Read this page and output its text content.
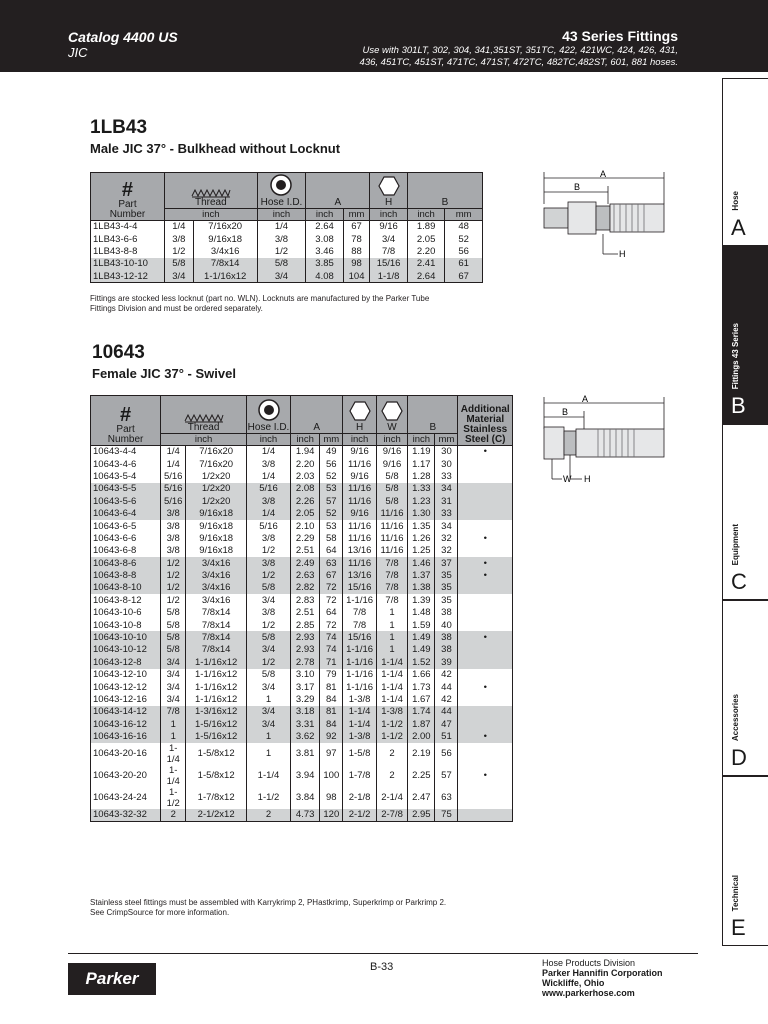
Catalog 4400 US
JIC
43 Series Fittings
Use with 301LT, 302, 304, 341,351ST, 351TC, 422, 421WC, 424, 426, 431,
436, 451TC, 451ST, 471TC, 471ST, 472TC, 482TC,482ST, 601, 881 hoses.
Hose
A
Fittings 43 Series
B
Equipment
C
Accessories
D
Technical
E
1LB43
Male JIC 37° - Bulkhead without Locknut
#
Part
Number	Thread		Hose I.D.	A		H	B	

	inch		inch	inch	mm	inch	inch	mm

1LB43-4-4	1/4	7/16x20	1/4	2.64	67	9/16	1.89	48
1LB43-6-6	3/8	9/16x18	3/8	3.08	78	3/4	2.05	52
1LB43-8-8	1/2	3/4x16	1/2	3.46	88	7/8	2.20	56
1LB43-10-10	5/8	7/8x14	5/8	3.85	98	15/16	2.41	61
1LB43-12-12	3/4	1-1/16x12	3/4	4.08	104	1-1/8	2.64	67
Fittings are stocked less locknut (part no. WLN). Locknuts are manufactured by the Parker Tube
Fittings Division and must be ordered separately.
A
B
H
10643
Female JIC 37° - Swivel
#
Part
Number	Thread		Hose I.D.	A		H	W	B		Additional
Material
Stainless
Steel (C)

	inch		inch	inch	mm	inch	inch	inch	mm	

10643-4-4	1/4	7/16x20	1/4	1.94	49	9/16	9/16	1.19	30	•
10643-4-6	1/4	7/16x20	3/8	2.20	56	11/16	9/16	1.17	30	
10643-5-4	5/16	1/2x20	1/4	2.03	52	9/16	5/8	1.28	33	
10643-5-5	5/16	1/2x20	5/16	2.08	53	11/16	5/8	1.33	34	
10643-5-6	5/16	1/2x20	3/8	2.26	57	11/16	5/8	1.23	31	
10643-6-4	3/8	9/16x18	1/4	2.05	52	9/16	11/16	1.30	33	
10643-6-5	3/8	9/16x18	5/16	2.10	53	11/16	11/16	1.35	34	
10643-6-6	3/8	9/16x18	3/8	2.29	58	11/16	11/16	1.26	32	•
10643-6-8	3/8	9/16x18	1/2	2.51	64	13/16	11/16	1.25	32	
10643-8-6	1/2	3/4x16	3/8	2.49	63	11/16	7/8	1.46	37	•
10643-8-8	1/2	3/4x16	1/2	2.63	67	13/16	7/8	1.37	35	•
10643-8-10	1/2	3/4x16	5/8	2.82	72	15/16	7/8	1.38	35	
10643-8-12	1/2	3/4x16	3/4	2.83	72	1-1/16	7/8	1.39	35	
10643-10-6	5/8	7/8x14	3/8	2.51	64	7/8	1	1.48	38	
10643-10-8	5/8	7/8x14	1/2	2.85	72	7/8	1	1.59	40	
10643-10-10	5/8	7/8x14	5/8	2.93	74	15/16	1	1.49	38	•
10643-10-12	5/8	7/8x14	3/4	2.93	74	1-1/16	1	1.49	38	
10643-12-8	3/4	1-1/16x12	1/2	2.78	71	1-1/16	1-1/4	1.52	39	
10643-12-10	3/4	1-1/16x12	5/8	3.10	79	1-1/16	1-1/4	1.66	42	
10643-12-12	3/4	1-1/16x12	3/4	3.17	81	1-1/16	1-1/4	1.73	44	•
10643-12-16	3/4	1-1/16x12	1	3.29	84	1-3/8	1-1/4	1.67	42	
10643-14-12	7/8	1-3/16x12	3/4	3.18	81	1-1/4	1-3/8	1.74	44	
10643-16-12	1	1-5/16x12	3/4	3.31	84	1-1/4	1-1/2	1.87	47	
10643-16-16	1	1-5/16x12	1	3.62	92	1-3/8	1-1/2	2.00	51	•
10643-20-16	1-1/4	1-5/8x12	1	3.81	97	1-5/8	2	2.19	56	
10643-20-20	1-1/4	1-5/8x12	1-1/4	3.94	100	1-7/8	2	2.25	57	•
10643-24-24	1-1/2	1-7/8x12	1-1/2	3.84	98	2-1/8	2-1/4	2.47	63	
10643-32-32	2	2-1/2x12	2	4.73	120	2-1/2	2-7/8	2.95	75	
Stainless steel fittings must be assembled with Karrykrimp 2, PHastkrimp, Superkrimp or Parkrimp 2.
See CrimpSource for more information.
A
B
W H
Parker
B-33	Hose Products Division
Parker Hannifin Corporation
Wickliffe, Ohio
www.parkerhose.com
